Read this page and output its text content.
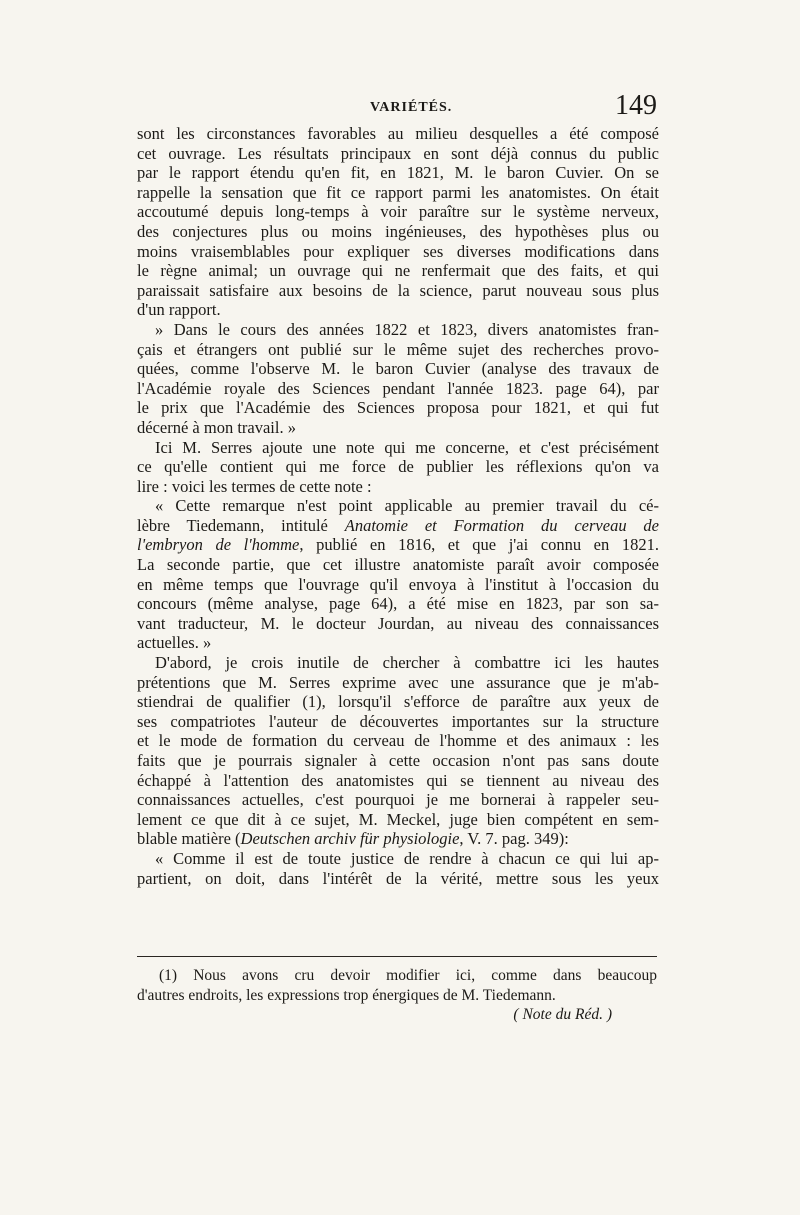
VARIÉTÉS.	149
sont les circonstances favorables au milieu desquelles a été composé
cet ouvrage. Les résultats principaux en sont déjà connus du public
par le rapport étendu qu'en fit, en 1821, M. le baron Cuvier. On se
rappelle la sensation que fit ce rapport parmi les anatomistes. On était
accoutumé depuis long-temps à voir paraître sur le système nerveux,
des conjectures plus ou moins ingénieuses, des hypothèses plus ou
moins vraisemblables pour expliquer ses diverses modifications dans
le règne animal; un ouvrage qui ne renfermait que des faits, et qui
paraissait satisfaire aux besoins de la science, parut nouveau sous plus
d'un rapport.
» Dans le cours des années 1822 et 1823, divers anatomistes fran-
çais et étrangers ont publié sur le même sujet des recherches provo-
quées, comme l'observe M. le baron Cuvier (analyse des travaux de
l'Académie royale des Sciences pendant l'année 1823. page 64), par
le prix que l'Académie des Sciences proposa pour 1821, et qui fut
décerné à mon travail. »
Ici M. Serres ajoute une note qui me concerne, et c'est précisément
ce qu'elle contient qui me force de publier les réflexions qu'on va
lire : voici les termes de cette note :
« Cette remarque n'est point applicable au premier travail du cé-
lèbre Tiedemann, intitulé Anatomie et Formation du cerveau de
l'embryon de l'homme, publié en 1816, et que j'ai connu en 1821.
La seconde partie, que cet illustre anatomiste paraît avoir composée
en même temps que l'ouvrage qu'il envoya à l'institut à l'occasion du
concours (même analyse, page 64), a été mise en 1823, par son sa-
vant traducteur, M. le docteur Jourdan, au niveau des connaissances
actuelles. »
D'abord, je crois inutile de chercher à combattre ici les hautes
prétentions que M. Serres exprime avec une assurance que je m'ab-
stiendrai de qualifier (1), lorsqu'il s'efforce de paraître aux yeux de
ses compatriotes l'auteur de découvertes importantes sur la structure
et le mode de formation du cerveau de l'homme et des animaux : les
faits que je pourrais signaler à cette occasion n'ont pas sans doute
échappé à l'attention des anatomistes qui se tiennent au niveau des
connaissances actuelles, c'est pourquoi je me bornerai à rappeler seu-
lement ce que dit à ce sujet, M. Meckel, juge bien compétent en sem-
blable matière (Deutschen archiv für physiologie, V. 7. pag. 349):
« Comme il est de toute justice de rendre à chacun ce qui lui ap-
partient, on doit, dans l'intérêt de la vérité, mettre sous les yeux
(1) Nous avons cru devoir modifier ici, comme dans beaucoup
d'autres endroits, les expressions trop énergiques de M. Tiedemann.
( Note du Réd. )
